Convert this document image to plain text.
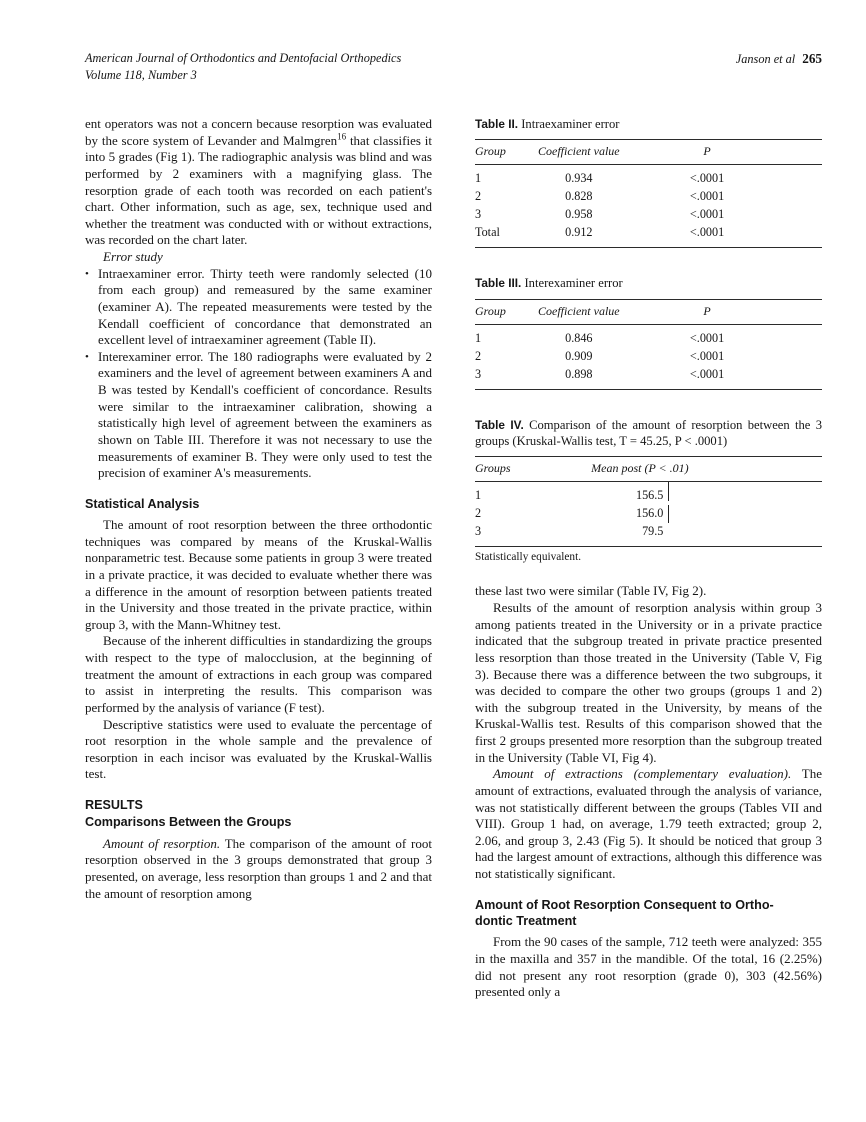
American Journal of Orthodontics and Dentofacial Orthopedics
Volume 118, Number 3
Janson et al 265

ent operators was not a concern because resorption was evaluated by the score system of Levander and Malmgren$^{16}$ that classifies it into 5 grades (Fig 1). The radiographic analysis was blind and was performed by 2 examiners with a magnifying glass. The resorption grade of each tooth was recorded on each patient's chart. Other information, such as age, sex, technique used and whether the treatment was conducted with or without extractions, was recorded on the chart later.

Error study

• Intraexaminer error. Thirty teeth were randomly selected (10 from each group) and remeasured by the same examiner (examiner A). The repeated measurements were tested by the Kendall coefficient of concordance that demonstrated an excellent level of intraexaminer agreement (Table II).

• Interexaminer error. The 180 radiographs were evaluated by 2 examiners and the level of agreement between examiners A and B was tested by Kendall's coefficient of concordance. Results were similar to the intraexaminer calibration, showing a statistically high level of agreement between the examiners as shown on Table III. Therefore it was not necessary to use the measurements of examiner B. They were only used to test the precision of examiner A's measurements.

Statistical Analysis

The amount of root resorption between the three orthodontic techniques was compared by means of the Kruskal-Wallis nonparametric test. Because some patients in group 3 were treated in a private practice, it was decided to evaluate whether there was a difference in the amount of resorption between patients treated in the University and those treated in the private practice, within group 3, with the Mann-Whitney test.

Because of the inherent difficulties in standardizing the groups with respect to the type of malocclusion, at the beginning of treatment the amount of extractions in each group was compared to assist in interpreting the results. This comparison was performed by the analysis of variance (F test).

Descriptive statistics were used to evaluate the percentage of root resorption in the whole sample and the prevalence of resorption in each incisor was evaluated by the Kruskal-Wallis test.

RESULTS
Comparisons Between the Groups

Amount of resorption. The comparison of the amount of root resorption observed in the 3 groups demonstrated that group 3 presented, on average, less resorption than groups 1 and 2 and that the amount of resorption among

Table II. Intraexaminer error
Group	Coefficient value	P
1	0.934	<.0001
2	0.828	<.0001
3	0.958	<.0001
Total	0.912	<.0001
Table III. Interexaminer error
Group	Coefficient value	P
1	0.846	<.0001
2	0.909	<.0001
3	0.898	<.0001
Table IV. Comparison of the amount of resorption between the 3 groups (Kruskal-Wallis test, T = 45.25, P < .0001)
Groups	Mean post (P < .01)	
1	156.5

2	156.0

3	79.5	
Statistically equivalent.

these last two were similar (Table IV, Fig 2).

Results of the amount of resorption analysis within group 3 among patients treated in the University or in a private practice indicated that the subgroup treated in private practice presented less resorption than those treated in the University (Table V, Fig 3). Because there was a difference between the two subgroups, it was decided to compare the other two groups (groups 1 and 2) with the subgroup treated in the University, by means of the Kruskal-Wallis test. Results of this comparison showed that the first 2 groups presented more resorption than the subgroup treated in the University (Table VI, Fig 4).

Amount of extractions (complementary evaluation). The amount of extractions, evaluated through the analysis of variance, was not statistically different between the groups (Tables VII and VIII). Group 1 had, on average, 1.79 teeth extracted; group 2, 2.06, and group 3, 2.43 (Fig 5). It should be noticed that group 3 had the largest amount of extractions, although this difference was not statistically significant.

Amount of Root Resorption Consequent to Ortho-
dontic Treatment

From the 90 cases of the sample, 712 teeth were analyzed: 355 in the maxilla and 357 in the mandible. Of the total, 16 (2.25%) did not present any root resorption (grade 0), 303 (42.56%) presented only a
